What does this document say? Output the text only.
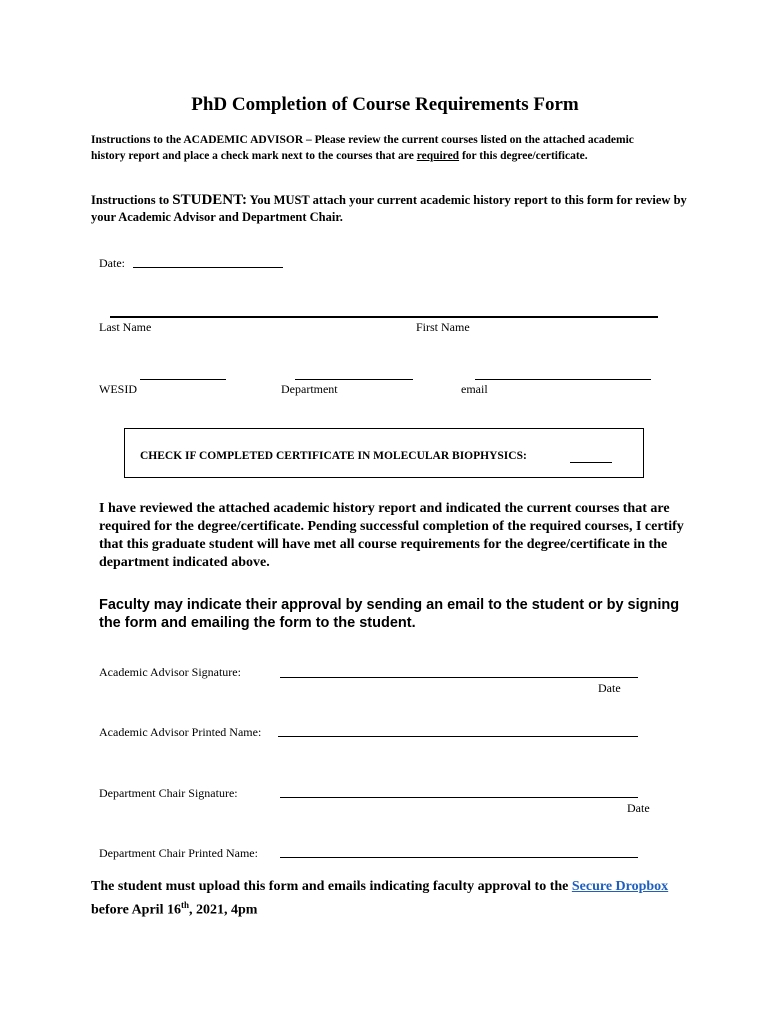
PhD Completion of Course Requirements Form
Instructions to the ACADEMIC ADVISOR – Please review the current courses listed on the attached academic history report and place a check mark next to the courses that are required for this degree/certificate.
Instructions to STUDENT: You MUST attach your current academic history report to this form for review by your Academic Advisor and Department Chair.
Date:
Last Name	First Name
WESID	Department	email
CHECK IF COMPLETED CERTIFICATE IN MOLECULAR BIOPHYSICS:
I have reviewed the attached academic history report and indicated the current courses that are required for the degree/certificate. Pending successful completion of the required courses, I certify that this graduate student will have met all course requirements for the degree/certificate in the department indicated above.
Faculty may indicate their approval by sending an email to the student or by signing the form and emailing the form to the student.
Academic Advisor Signature:
Date
Academic Advisor Printed Name:
Department Chair Signature:
Date
Department Chair Printed Name:
The student must upload this form and emails indicating faculty approval to the Secure Dropbox before April 16th, 2021, 4pm
